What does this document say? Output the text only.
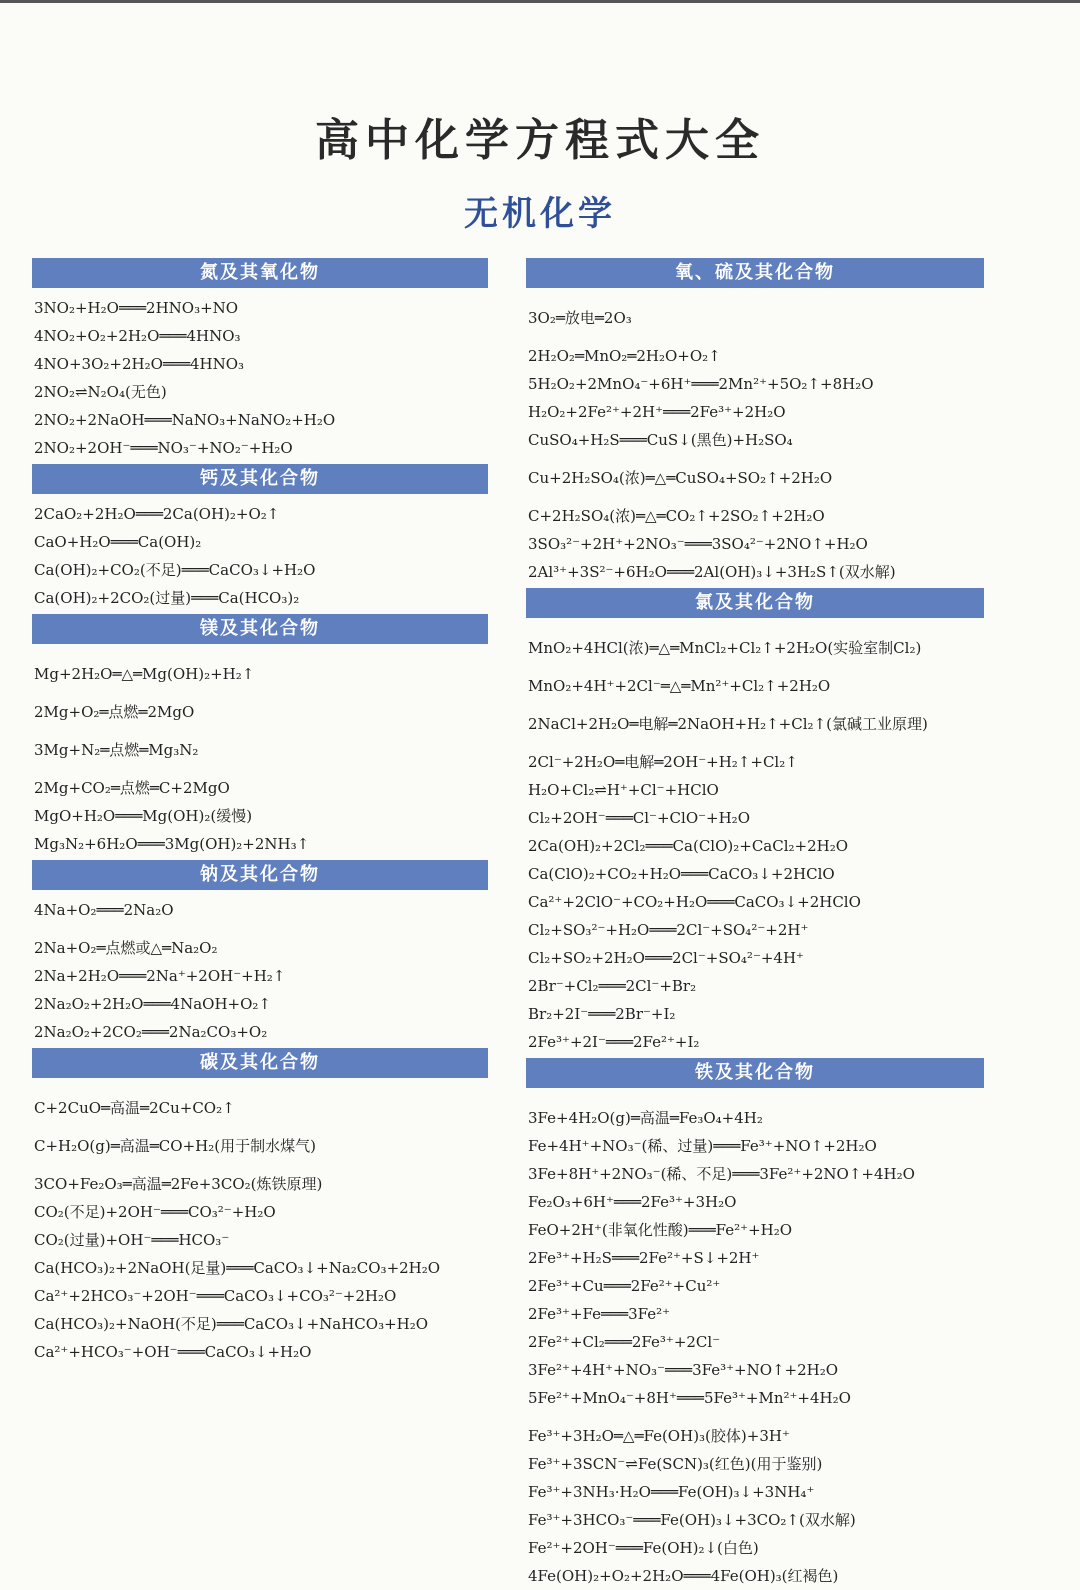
高中化学方程式大全
无机化学
氮及其氧化物
3NO₂+H₂O═══2HNO₃+NO
4NO₂+O₂+2H₂O═══4HNO₃
4NO+3O₂+2H₂O═══4HNO₃
2NO₂⇌N₂O₄(无色)
2NO₂+2NaOH═══NaNO₃+NaNO₂+H₂O
2NO₂+2OH⁻═══NO₃⁻+NO₂⁻+H₂O
钙及其化合物
2CaO₂+2H₂O═══2Ca(OH)₂+O₂↑
CaO+H₂O═══Ca(OH)₂
Ca(OH)₂+CO₂(不足)═══CaCO₃↓+H₂O
Ca(OH)₂+2CO₂(过量)═══Ca(HCO₃)₂
镁及其化合物
Mg+2H₂O═△═Mg(OH)₂+H₂↑
2Mg+O₂═点燃═2MgO
3Mg+N₂═点燃═Mg₃N₂
2Mg+CO₂═点燃═C+2MgO
MgO+H₂O═══Mg(OH)₂(缓慢)
Mg₃N₂+6H₂O═══3Mg(OH)₂+2NH₃↑
钠及其化合物
4Na+O₂═══2Na₂O
2Na+O₂═点燃或△═Na₂O₂
2Na+2H₂O═══2Na⁺+2OH⁻+H₂↑
2Na₂O₂+2H₂O═══4NaOH+O₂↑
2Na₂O₂+2CO₂═══2Na₂CO₃+O₂
碳及其化合物
C+2CuO═高温═2Cu+CO₂↑
C+H₂O(g)═高温═CO+H₂(用于制水煤气)
3CO+Fe₂O₃═高温═2Fe+3CO₂(炼铁原理)
CO₂(不足)+2OH⁻═══CO₃²⁻+H₂O
CO₂(过量)+OH⁻═══HCO₃⁻
Ca(HCO₃)₂+2NaOH(足量)═══CaCO₃↓+Na₂CO₃+2H₂O
Ca²⁺+2HCO₃⁻+2OH⁻═══CaCO₃↓+CO₃²⁻+2H₂O
Ca(HCO₃)₂+NaOH(不足)═══CaCO₃↓+NaHCO₃+H₂O
Ca²⁺+HCO₃⁻+OH⁻═══CaCO₃↓+H₂O
氧、硫及其化合物
3O₂═放电═2O₃
2H₂O₂═MnO₂═2H₂O+O₂↑
5H₂O₂+2MnO₄⁻+6H⁺═══2Mn²⁺+5O₂↑+8H₂O
H₂O₂+2Fe²⁺+2H⁺═══2Fe³⁺+2H₂O
CuSO₄+H₂S═══CuS↓(黑色)+H₂SO₄
Cu+2H₂SO₄(浓)═△═CuSO₄+SO₂↑+2H₂O
C+2H₂SO₄(浓)═△═CO₂↑+2SO₂↑+2H₂O
3SO₃²⁻+2H⁺+2NO₃⁻═══3SO₄²⁻+2NO↑+H₂O
2Al³⁺+3S²⁻+6H₂O═══2Al(OH)₃↓+3H₂S↑(双水解)
氯及其化合物
MnO₂+4HCl(浓)═△═MnCl₂+Cl₂↑+2H₂O(实验室制Cl₂)
MnO₂+4H⁺+2Cl⁻═△═Mn²⁺+Cl₂↑+2H₂O
2NaCl+2H₂O═电解═2NaOH+H₂↑+Cl₂↑(氯碱工业原理)
2Cl⁻+2H₂O═电解═2OH⁻+H₂↑+Cl₂↑
H₂O+Cl₂⇌H⁺+Cl⁻+HClO
Cl₂+2OH⁻═══Cl⁻+ClO⁻+H₂O
2Ca(OH)₂+2Cl₂═══Ca(ClO)₂+CaCl₂+2H₂O
Ca(ClO)₂+CO₂+H₂O═══CaCO₃↓+2HClO
Ca²⁺+2ClO⁻+CO₂+H₂O═══CaCO₃↓+2HClO
Cl₂+SO₃²⁻+H₂O═══2Cl⁻+SO₄²⁻+2H⁺
Cl₂+SO₂+2H₂O═══2Cl⁻+SO₄²⁻+4H⁺
2Br⁻+Cl₂═══2Cl⁻+Br₂
Br₂+2I⁻═══2Br⁻+I₂
2Fe³⁺+2I⁻═══2Fe²⁺+I₂
铁及其化合物
3Fe+4H₂O(g)═高温═Fe₃O₄+4H₂
Fe+4H⁺+NO₃⁻(稀、过量)═══Fe³⁺+NO↑+2H₂O
3Fe+8H⁺+2NO₃⁻(稀、不足)═══3Fe²⁺+2NO↑+4H₂O
Fe₂O₃+6H⁺═══2Fe³⁺+3H₂O
FeO+2H⁺(非氧化性酸)═══Fe²⁺+H₂O
2Fe³⁺+H₂S═══2Fe²⁺+S↓+2H⁺
2Fe³⁺+Cu═══2Fe²⁺+Cu²⁺
2Fe³⁺+Fe═══3Fe²⁺
2Fe²⁺+Cl₂═══2Fe³⁺+2Cl⁻
3Fe²⁺+4H⁺+NO₃⁻═══3Fe³⁺+NO↑+2H₂O
5Fe²⁺+MnO₄⁻+8H⁺═══5Fe³⁺+Mn²⁺+4H₂O
Fe³⁺+3H₂O═△═Fe(OH)₃(胶体)+3H⁺
Fe³⁺+3SCN⁻⇌Fe(SCN)₃(红色)(用于鉴别)
Fe³⁺+3NH₃·H₂O═══Fe(OH)₃↓+3NH₄⁺
Fe³⁺+3HCO₃⁻═══Fe(OH)₃↓+3CO₂↑(双水解)
Fe²⁺+2OH⁻═══Fe(OH)₂↓(白色)
4Fe(OH)₂+O₂+2H₂O═══4Fe(OH)₃(红褐色)
